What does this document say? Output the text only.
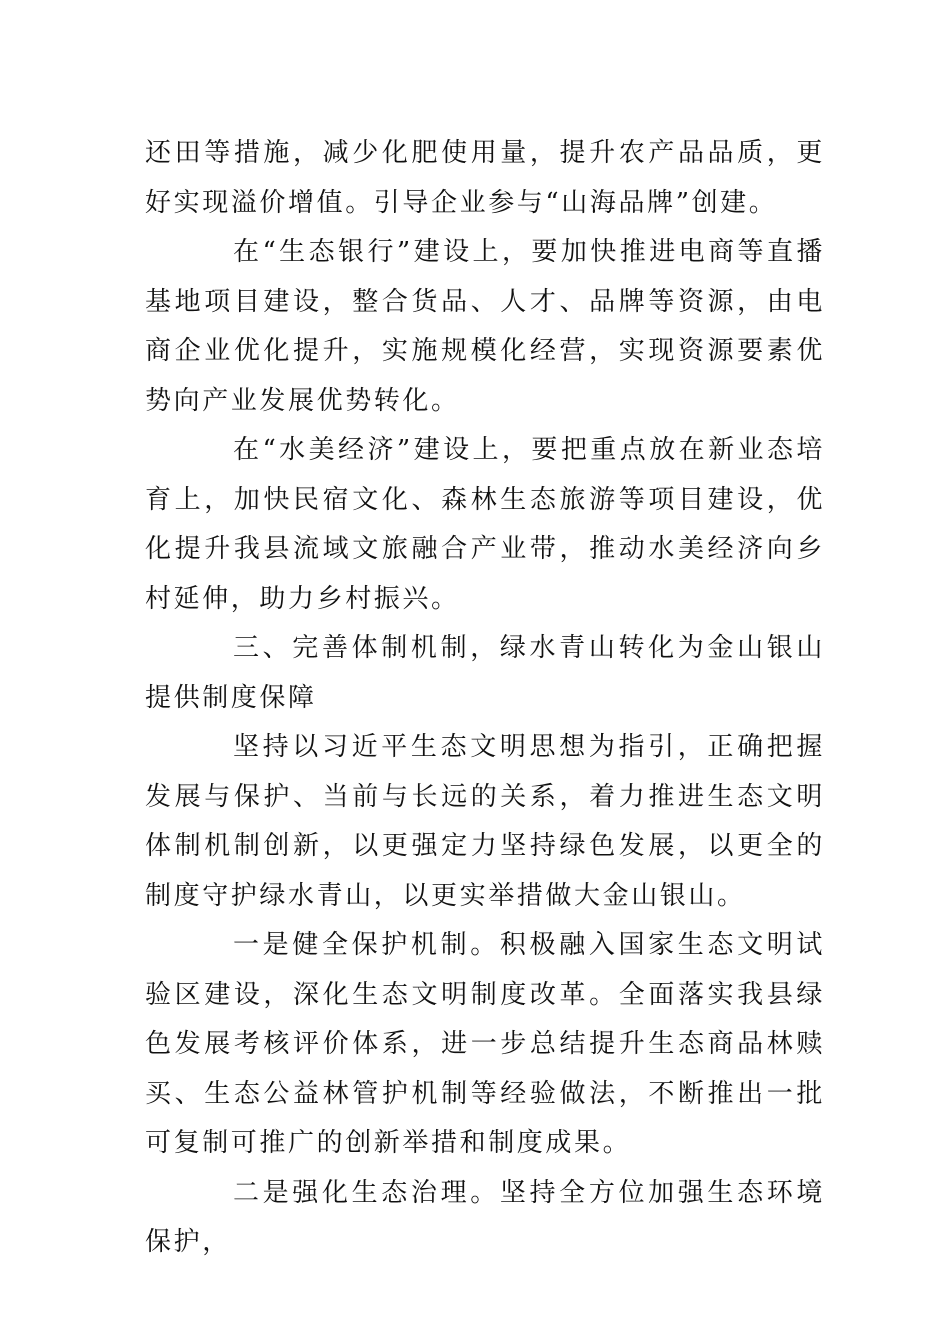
还田等措施，减少化肥使用量，提升农产品品质，更好实现溢价增值。引导企业参与“山海品牌”创建。

在“生态银行”建设上，要加快推进电商等直播基地项目建设，整合货品、人才、品牌等资源，由电商企业优化提升，实施规模化经营，实现资源要素优势向产业发展优势转化。

在“水美经济”建设上，要把重点放在新业态培育上，加快民宿文化、森林生态旅游等项目建设，优化提升我县流域文旅融合产业带，推动水美经济向乡村延伸，助力乡村振兴。

三、完善体制机制，绿水青山转化为金山银山提供制度保障

坚持以习近平生态文明思想为指引，正确把握发展与保护、当前与长远的关系，着力推进生态文明体制机制创新，以更强定力坚持绿色发展，以更全的制度守护绿水青山，以更实举措做大金山银山。

一是健全保护机制。积极融入国家生态文明试验区建设，深化生态文明制度改革。全面落实我县绿色发展考核评价体系，进一步总结提升生态商品林赎买、生态公益林管护机制等经验做法，不断推出一批可复制可推广的创新举措和制度成果。

二是强化生态治理。坚持全方位加强生态环境保护，
